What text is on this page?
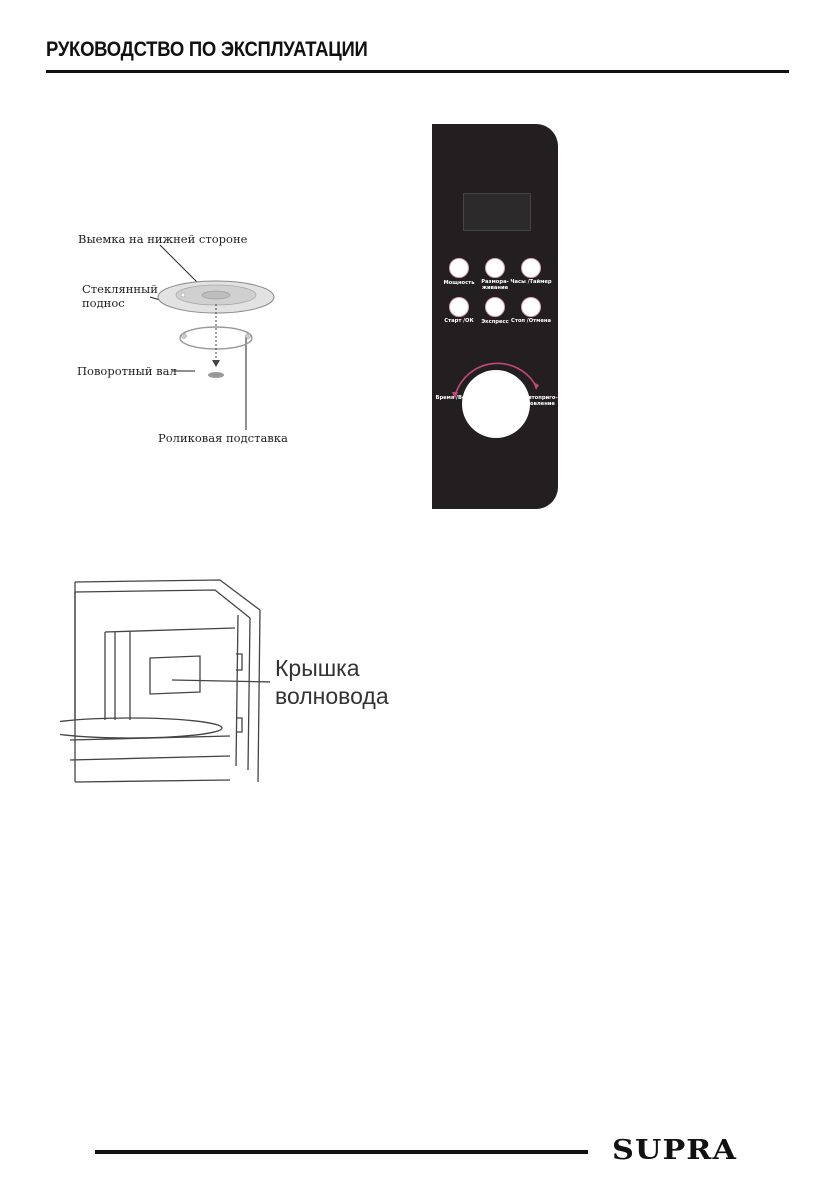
РУКОВОДСТВО ПО ЭКСПЛУАТАЦИИ
Выемка на нижней стороне
Стеклянный
поднос
Поворотный вал
Роликовая подставка
Мощность	Размора-живание
Часы /Таймер
Старт /ОК	Экспресс Стоп /Отмена
Время /Вес	Автоприго-товление
Крышка
волновода
SUPRA
